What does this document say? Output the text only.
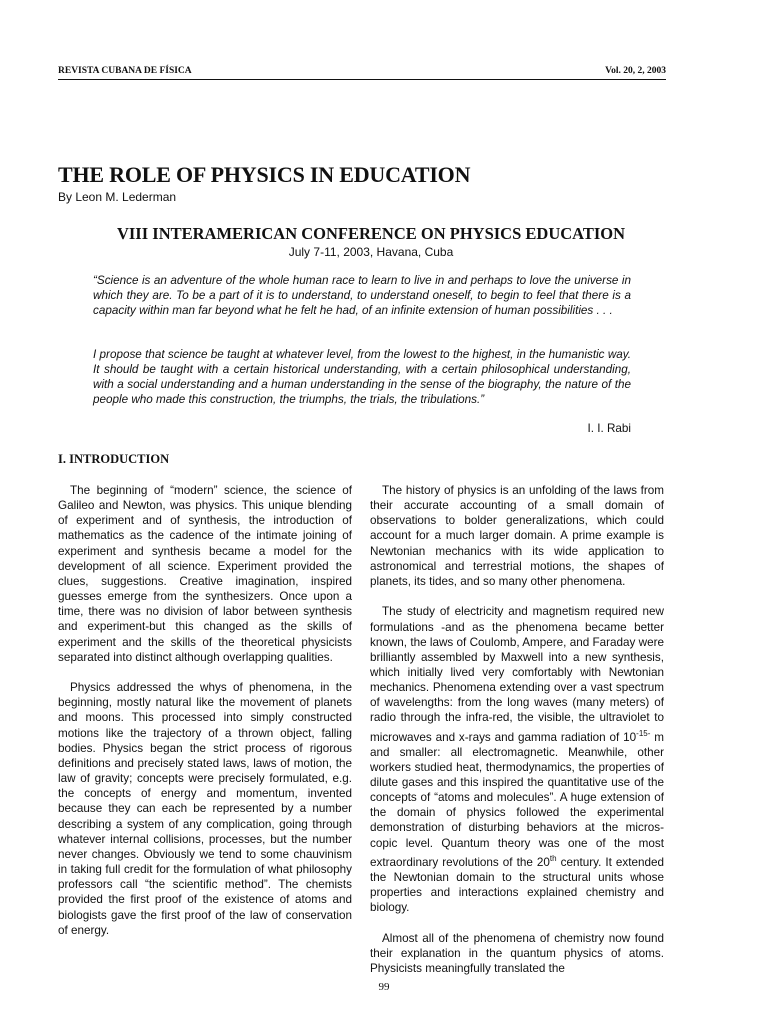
REVISTA CUBANA DE FÍSICA	Vol. 20, 2, 2003
THE ROLE OF PHYSICS IN EDUCATION
By Leon M. Lederman
VIII INTERAMERICAN CONFERENCE ON PHYSICS EDUCATION
July 7-11, 2003, Havana, Cuba

“Science is an adventure of the whole human race to learn to live in and perhaps to love the universe in which they are. To be a part of it is to understand, to understand oneself, to begin to feel that there is a capacity within man far beyond what he felt he had, of an infinite extension of human possibilities . . .

I propose that science be taught at whatever level, from the lowest to the highest, in the humanistic way. It should be taught with a certain historical understanding, with a certain philosophical understanding, with a social understanding and a human understanding in the sense of the biography, the nature of the people who made this construction, the triumphs, the trials, the tribulations.”

I. I. Rabi
I. INTRODUCTION

The beginning of “modern” science, the science of Galileo and Newton, was physics. This unique blending of experiment and of synthesis, the introduction of mathematics as the cadence of the intimate joining of experiment and synthesis became a model for the development of all science. Experiment provided the clues, suggestions. Creative imagination, inspired guesses emerge from the synthesizers. Once upon a time, there was no division of labor between synthesis and experiment-but this changed as the skills of experiment and the skills of the theoretical physicists separated into distinct although overlapping qualities.

Physics addressed the whys of phenomena, in the beginning, mostly natural like the movement of planets and moons. This processed into simply constructed motions like the trajectory of a thrown object, falling bodies. Physics began the strict process of rigorous definitions and precisely stated laws, laws of motion, the law of gravity; concepts were precisely formulated, e.g. the concepts of energy and momentum, invented because they can each be represented by a number describing a system of any complication, going through whatever internal collisions, processes, but the number never changes. Obviously we tend to some chauvinism in taking full credit for the formulation of what philosophy professors call “the scientific method”. The chemists provided the first proof of the existence of atoms and biologists gave the first proof of the law of conservation of energy.

The history of physics is an unfolding of the laws from their accurate accounting of a small domain of observations to bolder generalizations, which could account for a much larger domain. A prime example is Newtonian mechanics with its wide application to astronomical and terrestrial motions, the shapes of planets, its tides, and so many other phenomena.

The study of electricity and magnetism required new formulations -and as the phenomena became better known, the laws of Coulomb, Ampere, and Faraday were brilliantly assembled by Maxwell into a new synthesis, which initially lived very comfortably with Newtonian mechanics. Phenomena extending over a vast spectrum of wavelengths: from the long waves (many meters) of radio through the infra-red, the visible, the ultraviolet to microwaves and x-rays and gamma radiation of $10^{-15-}$ m and smaller: all electromagnetic. Meanwhile, other workers studied heat, thermodynamics, the properties of dilute gases and this inspired the quantitative use of the concepts of “atoms and molecules”. A huge extension of the domain of physics followed the experimental demonstration of disturbing behaviors at the micros-copic level. Quantum theory was one of the most extraordinary revolutions of the 20th century. It extended the Newtonian domain to the structural units whose properties and interactions explained chemistry and biology.

Almost all of the phenomena of chemistry now found their explanation in the quantum physics of atoms. Physicists meaningfully translated the

99
